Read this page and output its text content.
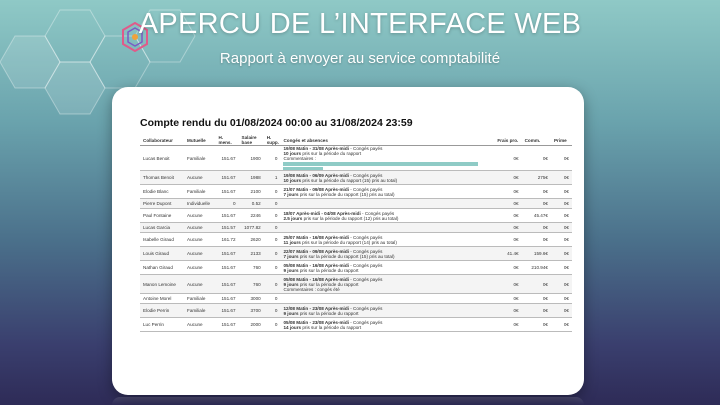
APERCU DE L’INTERFACE WEB
Rapport à envoyer au service comptabilité
Compte rendu du 01/08/2024 00:00 au 31/08/2024 23:59
Collaborateur	Mutuelle	H. mens.	Salaire base	H. supp.	Congés et absences	Frais pro.	Comm.	Prime
Lucas Benoit	Familiale	151.67	1900	0	19/08 Matin - 31/08 Après-midi - Congés payés
10 jours pris sur la période du rapport
Commentaires :	0€	0€	0€
Thomas Benoit	Aucune	151.67	1988	1	19/08 Matin - 06/09 Après-midi - Congés payés
10 jours pris sur la période du rapport (15) pris au total)	0€	275€	0€
Elodie Blanc	Familiale	151.67	2100	0	21/07 Matin - 09/08 Après-midi - Congés payés
7 jours pris sur la période du rapport (15) pris au total)	0€	0€	0€
Pierre Dupont	Individuelle	0	0.52	0		0€	0€	0€
Paul Fontaine	Aucune	151.67	2246	0	18/07 Après-midi - 04/08 Après-midi - Congés payés
2.5 jours pris sur la période du rapport (12) pris au total)	0€	45.47€	0€
Lucas Garcia	Aucune	151.57	1077.82	0		0€	0€	0€
Isabelle Giraud	Aucune	161.72	2620	0	25/07 Matin - 16/08 Après-midi - Congés payés
11 jours pris sur la période du rapport (14) pris au total)	0€	0€	0€
Louis Giraud	Aucune	151.67	2133	0	22/07 Matin - 09/08 Après-midi - Congés payés
7 jours pris sur la période du rapport (15) pris au total)	41.4€	159.6€	0€
Nathan Giraud	Aucune	151.67	760	0	05/08 Matin - 16/08 Après-midi - Congés payés
9 jours pris sur la période du rapport	0€	210.94€	0€
Manon Lemoine	Aucune	151.67	760	0	05/08 Matin - 16/08 Après-midi - Congés payés
9 jours pris sur la période du rapport
Commentaires : congés été	0€	0€	0€
Antoine Morel	Familiale	151.67	3000	0		0€	0€	0€
Elodie Perrin	Familiale	151.67	3700	0	12/08 Matin - 23/08 Après-midi - Congés payés
9 jours pris sur la période du rapport	0€	0€	0€
Luc Perrin	Aucune	151.67	2000	0	05/08 Matin - 23/08 Après-midi - Congés payés
14 jours pris sur la période du rapport	0€	0€	0€
